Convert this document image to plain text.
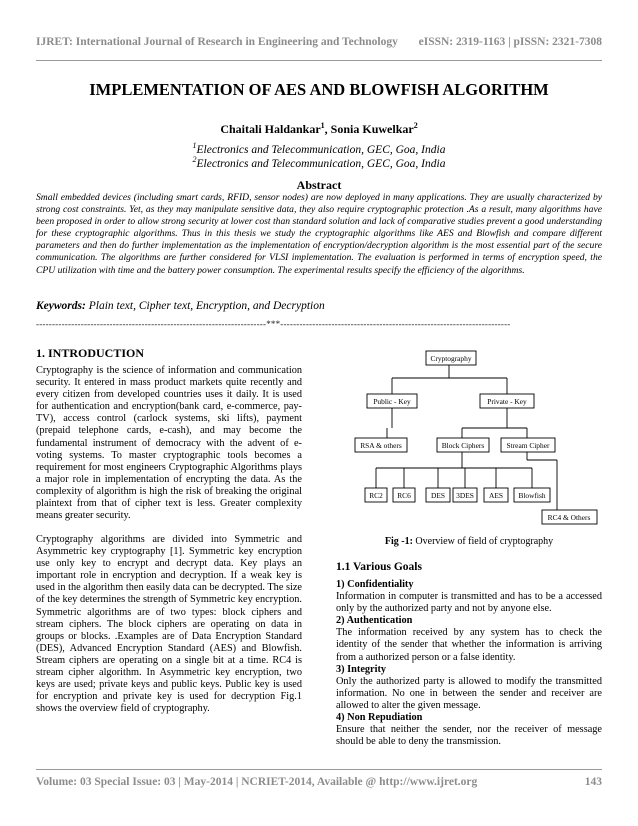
IJRET: International Journal of Research in Engineering and Technology eISSN: 2319-1163 | pISSN: 2321-7308
IMPLEMENTATION OF AES AND BLOWFISH ALGORITHM
Chaitali Haldankar$^1$, Sonia Kuwelkar$^2$
$^1$Electronics and Telecommunication, GEC, Goa, India
$^2$Electronics and Telecommunication, GEC, Goa, India
Abstract

Small embedded devices (including smart cards, RFID, sensor nodes) are now deployed in many applications. They are usually characterized by strong cost constraints. Yet, as they may manipulate sensitive data, they also require cryptographic protection .As a result, many algorithms have been proposed in order to allow strong security at lower cost than standard solution and lack of comparative studies prevent a good understanding for these cryptographic algorithms. Thus in this thesis we study the cryptographic algorithms like AES and Blowfish and compare different parameters and then do further implementation as the implementation of encryption/decryption algorithm is the most essential part of the secure communication. The algorithms are further considered for VLSI implementation. The evaluation is performed in terms of encryption speed, the CPU utilization with time and the battery power consumption. The experimental results specify the efficiency of the algorithms.

Keywords: Plain text, Cipher text, Encryption, and Decryption
------------------------------------------------------------------------***------------------------------------------------------------------------
1. INTRODUCTION

Cryptography is the science of information and communication security. It entered in mass product markets quite recently and every citizen from developed countries uses it daily. It is used for authentication and encryption(bank card, e-commerce, pay-TV), access control (carlock systems, ski lifts), payment (prepaid telephone cards, e-cash), and may become the fundamental instrument of democracy with the advent of e-voting systems. To master cryptographic tools becomes a requirement for most engineers Cryptographic Algorithms plays a major role in implementation of encrypting the data. As the complexity of algorithm is high the risk of breaking the original plaintext from that of cipher text is less. Greater complexity means greater security.

Cryptography algorithms are divided into Symmetric and Asymmetric key cryptography [1]. Symmetric key encryption use only key to encrypt and decrypt data. Key plays an important role in encryption and decryption. If a weak key is used in the algorithm then easily data can be decrypted. The size of the key determines the strength of Symmetric key encryption. Symmetric algorithms are of two types: block ciphers and stream ciphers. The block ciphers are operating on data in groups or blocks. .Examples are of Data Encryption Standard (DES), Advanced Encryption Standard (AES) and Blowfish. Stream ciphers are operating on a single bit at a time. RC4 is stream cipher algorithm. In Asymmetric key encryption, two keys are used; private keys and public keys. Public key is used for encryption and private key is used for decryption Fig.1 shows the overview field of cryptography.

Cryptography
Public - Key	Private - Key
RSA & others	Block Ciphers	Stream Cipher
RC2 RC6	DES 3DES AES Blowfish
RC4 & Others
Fig -1: Overview of field of cryptography
1.1 Various Goals

1) Confidentiality

Information in computer is transmitted and has to be a accessed only by the authorized party and not by anyone else.

2) Authentication

The information received by any system has to check the identity of the sender that whether the information is arriving from a authorized person or a false identity.

3) Integrity

Only the authorized party is allowed to modify the transmitted information. No one in between the sender and receiver are allowed to alter the given message.

4) Non Repudiation

Ensure that neither the sender, nor the receiver of message should be able to deny the transmission.

Volume: 03 Special Issue: 03 | May-2014 | NCRIET-2014, Available @ http://www.ijret.org	143
